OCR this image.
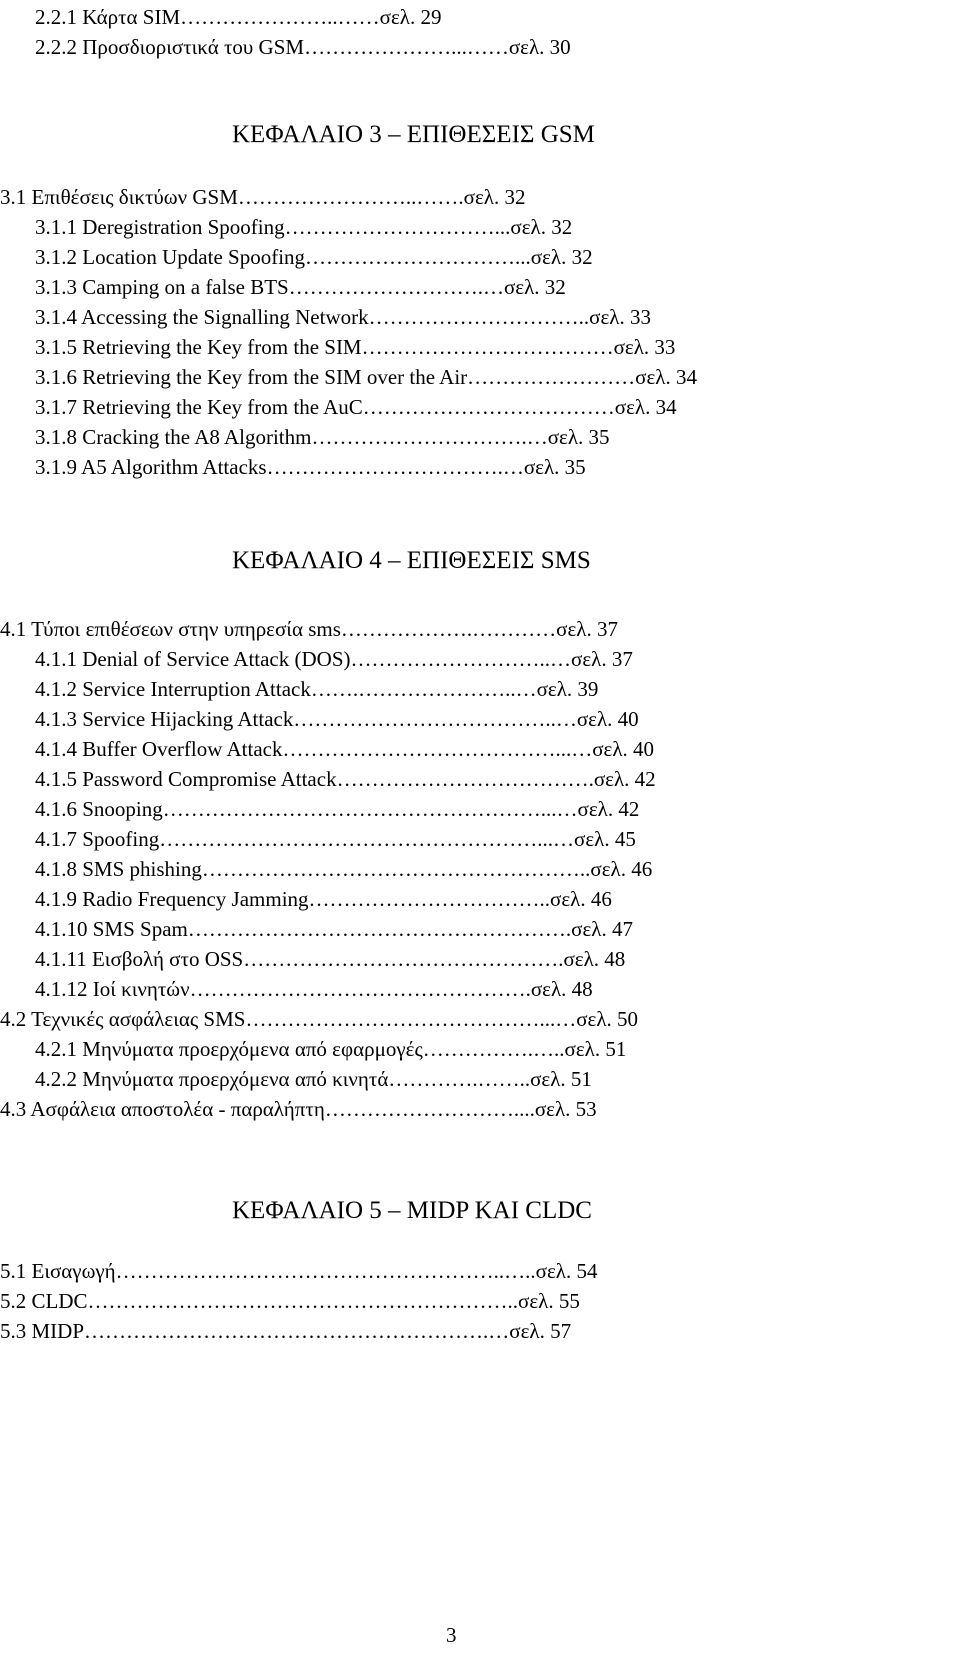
2.2.1 Κάρτα SIM…………………..……σελ. 29
2.2.2 Προσδιοριστικά του GSM…………………...……σελ. 30
ΚΕΦΑΛΑΙΟ 3 – ΕΠΙΘΕΣΕΙΣ GSM
3.1 Επιθέσεις δικτύων GSM……………………..…….σελ. 32
3.1.1 Deregistration Spoofing…………………………...σελ. 32
3.1.2 Location Update Spoofing…………………………...σελ. 32
3.1.3 Camping on a false BTS……………………….…σελ. 32
3.1.4 Accessing the Signalling Network…………………………..σελ. 33
3.1.5 Retrieving the Key from the SIM………………………………σελ. 33
3.1.6 Retrieving the Key from the SIM over the Air……………………σελ. 34
3.1.7 Retrieving the Key from the AuC………………………………σελ. 34
3.1.8 Cracking the A8 Algorithm………………………….…σελ. 35
3.1.9 A5 Algorithm Attacks…………………………….…σελ. 35
ΚΕΦΑΛΑΙΟ 4 – ΕΠΙΘΕΣΕΙΣ SMS
4.1 Τύποι επιθέσεων στην υπηρεσία sms……………….…………σελ. 37
4.1.1 Denial of Service Attack (DOS)………………………..…σελ. 37
4.1.2 Service Interruption Attack…….…………………..…σελ. 39
4.1.3 Service Hijacking Attack………………………………..…σελ. 40
4.1.4 Buffer Overflow Attack…………………………………...…σελ. 40
4.1.5 Password Compromise Attack……………………………….σελ. 42
4.1.6 Snooping………………………………………………...…σελ. 42
4.1.7 Spoofing………………………………………………...…σελ. 45
4.1.8 SMS phishing………………………………………………..σελ. 46
4.1.9 Radio Frequency Jamming……………………………..σελ. 46
4.1.10 SMS Spam……………………………………………….σελ. 47
4.1.11 Εισβολή στο OSS……………………………………….σελ. 48
4.1.12 Ιοί κινητών………………………………………….σελ. 48
4.2 Τεχνικές ασφάλειας SMS……………………………………...…σελ. 50
4.2.1 Μηνύματα προερχόμενα από εφαρμογές…………….…..σελ. 51
4.2.2 Μηνύματα προερχόμενα από κινητά………….……..σελ. 51
4.3 Ασφάλεια αποστολέα - παραλήπτη………………………....σελ. 53
ΚΕΦΑΛΑΙΟ 5 – MIDP ΚΑΙ CLDC
5.1 Εισαγωγή………………………………………………..…..σελ. 54
5.2 CLDC……………………………………………………..σελ. 55
5.3 MIDP………………………………………………….…σελ. 57
3
